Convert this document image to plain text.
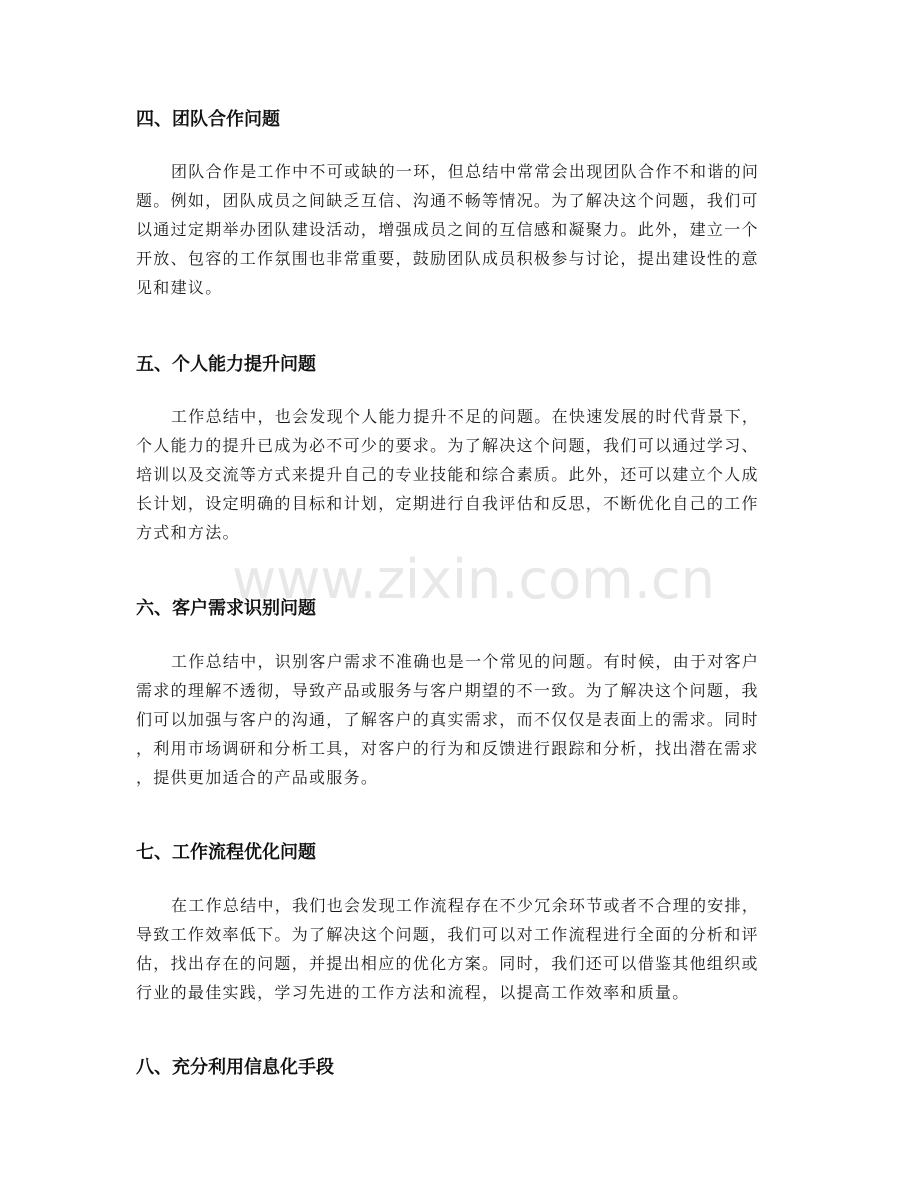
四、团队合作问题
团队合作是工作中不可或缺的一环，但总结中常常会出现团队合作不和谐的问
题。例如，团队成员之间缺乏互信、沟通不畅等情况。为了解决这个问题，我们可
以通过定期举办团队建设活动，增强成员之间的互信感和凝聚力。此外，建立一个
开放、包容的工作氛围也非常重要，鼓励团队成员积极参与讨论，提出建设性的意
见和建议。
五、个人能力提升问题
工作总结中，也会发现个人能力提升不足的问题。在快速发展的时代背景下，
个人能力的提升已成为必不可少的要求。为了解决这个问题，我们可以通过学习、
培训以及交流等方式来提升自己的专业技能和综合素质。此外，还可以建立个人成
长计划，设定明确的目标和计划，定期进行自我评估和反思，不断优化自己的工作
方式和方法。
六、客户需求识别问题
工作总结中，识别客户需求不准确也是一个常见的问题。有时候，由于对客户
需求的理解不透彻，导致产品或服务与客户期望的不一致。为了解决这个问题，我
们可以加强与客户的沟通，了解客户的真实需求，而不仅仅是表面上的需求。同时
，利用市场调研和分析工具，对客户的行为和反馈进行跟踪和分析，找出潜在需求
，提供更加适合的产品或服务。
七、工作流程优化问题
在工作总结中，我们也会发现工作流程存在不少冗余环节或者不合理的安排，
导致工作效率低下。为了解决这个问题，我们可以对工作流程进行全面的分析和评
估，找出存在的问题，并提出相应的优化方案。同时，我们还可以借鉴其他组织或
行业的最佳实践，学习先进的工作方法和流程，以提高工作效率和质量。
八、充分利用信息化手段
www.zixin.com.cn
